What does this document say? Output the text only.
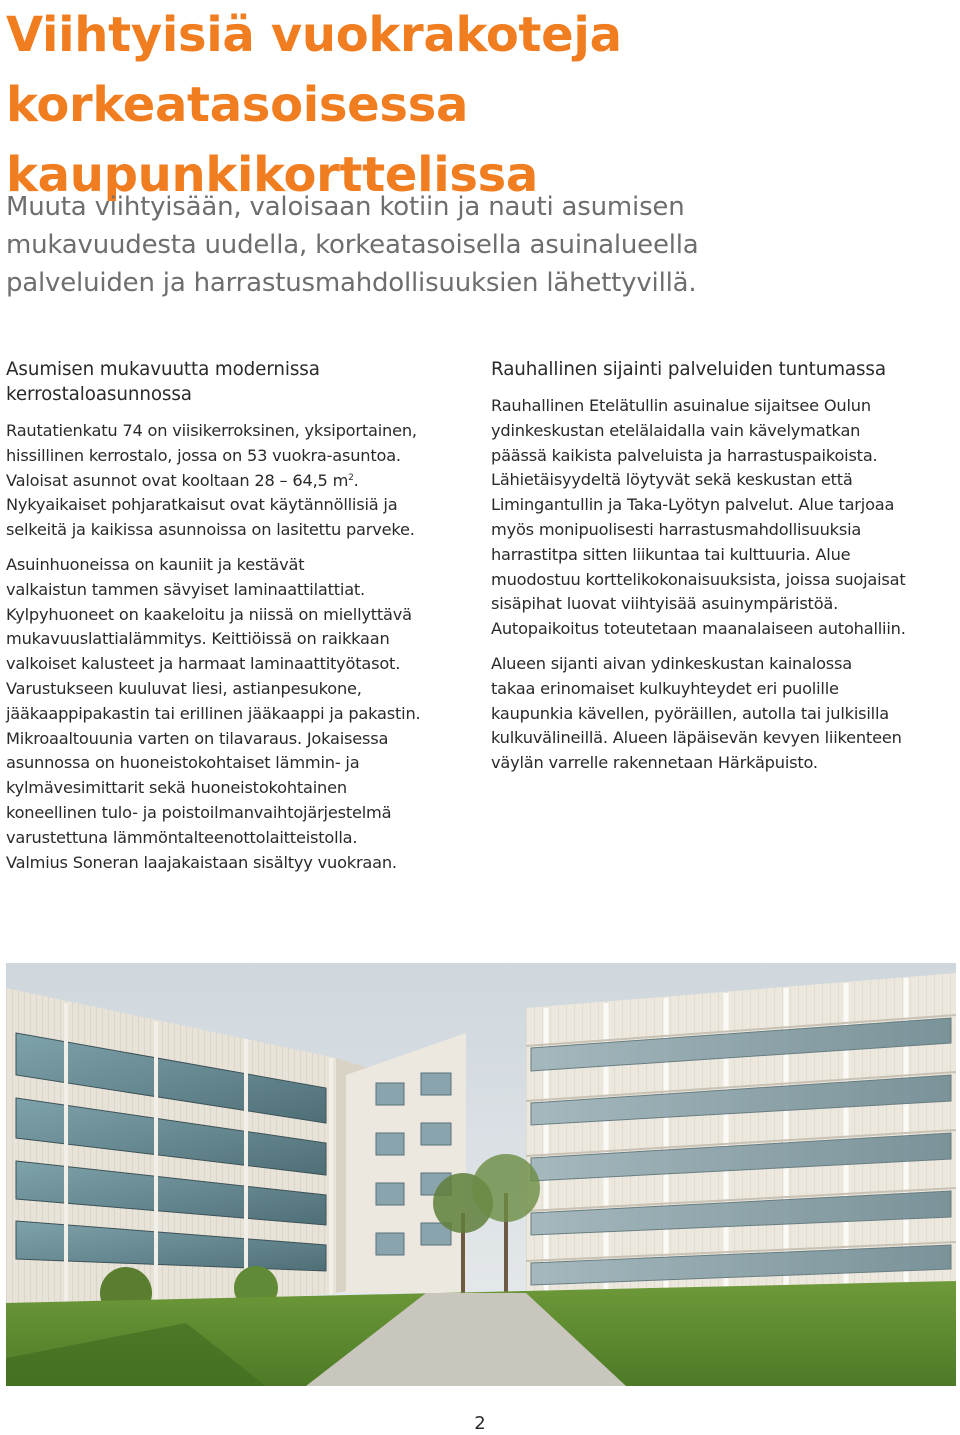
Viihtyisiä vuokrakoteja
korkeatasoisessa kaupunkikorttelissa

Muuta viihtyisään, valoisaan kotiin ja nauti asumisen
mukavuudesta uudella, korkeatasoisella asuinalueella
palveluiden ja harrastusmahdollisuuksien lähettyvillä.

Asumisen mukavuutta modernissa
kerrostaloasunnossa

Rautatienkatu 74 on viisikerroksinen, yksiportainen,
hissillinen kerrostalo, jossa on 53 vuokra-asuntoa.
Valoisat asunnot ovat kooltaan 28 – 64,5 $m^2$.
Nykyaikaiset pohjaratkaisut ovat käytännöllisiä ja
selkeitä ja kaikissa asunnoissa on lasitettu parveke.

Asuinhuoneissa on kauniit ja kestävät
valkaistun tammen sävyiset laminaattilattiat.
Kylpyhuoneet on kaakeloitu ja niissä on miellyttävä
mukavuuslattialämmitys. Keittiöissä on raikkaan
valkoiset kalusteet ja harmaat laminaattityötasot.
Varustukseen kuuluvat liesi, astianpesukone,
jääkaappipakastin tai erillinen jääkaappi ja pakastin.
Mikroaaltouunia varten on tilavaraus. Jokaisessa
asunnossa on huoneistokohtaiset lämmin- ja
kylmävesimittarit sekä huoneistokohtainen
koneellinen tulo- ja poistoilmanvaihtojärjestelmä
varustettuna lämmöntalteenottolaitteistolla.
Valmius Soneran laajakaistaan sisältyy vuokraan.

Rauhallinen sijainti palveluiden tuntumassa

Rauhallinen Etelätullin asuinalue sijaitsee Oulun
ydinkeskustan etelälaidalla vain kävelymatkan
päässä kaikista palveluista ja harrastuspaikoista.
Lähietäisyydeltä löytyvät sekä keskustan että
Limingantullin ja Taka-Lyötyn palvelut. Alue tarjoaa
myös monipuolisesti harrastusmahdollisuuksia
harrastitpa sitten liikuntaa tai kulttuuria. Alue
muodostuu korttelikokonaisuuksista, joissa suojaisat
sisäpihat luovat viihtyisää asuinympäristöä.
Autopaikoitus toteutetaan maanalaiseen autohalliin.

Alueen sijanti aivan ydinkeskustan kainalossa
takaa erinomaiset kulkuyhteydet eri puolille
kaupunkia kävellen, pyöräillen, autolla tai julkisilla
kulkuvälineillä. Alueen läpäisevän kevyen liikenteen
väylän varrelle rakennetaan Härkäpuisto.

2
